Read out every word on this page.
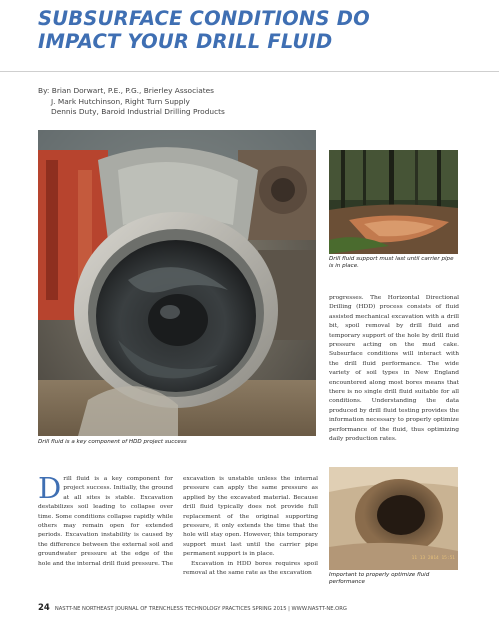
SUBSURFACE CONDITIONS DO
IMPACT YOUR DRILL FLUID
By: Brian Dorwart, P.E., P.G., Brierley Associates
J. Mark Hutchinson, Right Turn Supply
Dennis Duty, Baroid Industrial Drilling Products
Drill fluid is a key component of HDD project success
Drill fluid support must last until carrier pipe is in place.
progresses. The Horizontal Directional Drilling (HDD) process consists of fluid assisted mechanical excavation with a drill bit, spoil removal by drill fluid and temporary support of the hole by drill fluid pressure acting on the mud cake. Subsurface conditions will interact with the drill fluid performance. The wide variety of soil types in New England encountered along most bores means that there is no single drill fluid suitable for all conditions. Understanding the data produced by drill fluid testing provides the information necessary to properly optimize performance of the fluid, thus optimizing daily production rates.
11 13 2014 15:51
Important to properly optimize fluid performance
Drill fluid is a key component for project success. Initially, the ground at all sites is stable. Excavation destabilizes soil leading to collapse over time. Some conditions collapse rapidly while others may remain open for extended periods. Excavation instability is caused by the difference between the external soil and groundwater pressure at the edge of the hole and the internal drill fluid pressure. The
excavation is unstable unless the internal pressure can apply the same pressure as applied by the excavated material. Because drill fluid typically does not provide full replacement of the original supporting pressure, it only extends the time that the hole will stay open. However, this temporary support must last until the carrier pipe permanent support is in place.
Excavation in HDD bores requires spoil removal at the same rate as the excavation
24 NASTT-NE NORTHEAST JOURNAL OF TRENCHLESS TECHNOLOGY PRACTICES SPRING 2015 | WWW.NASTT-NE.ORG
